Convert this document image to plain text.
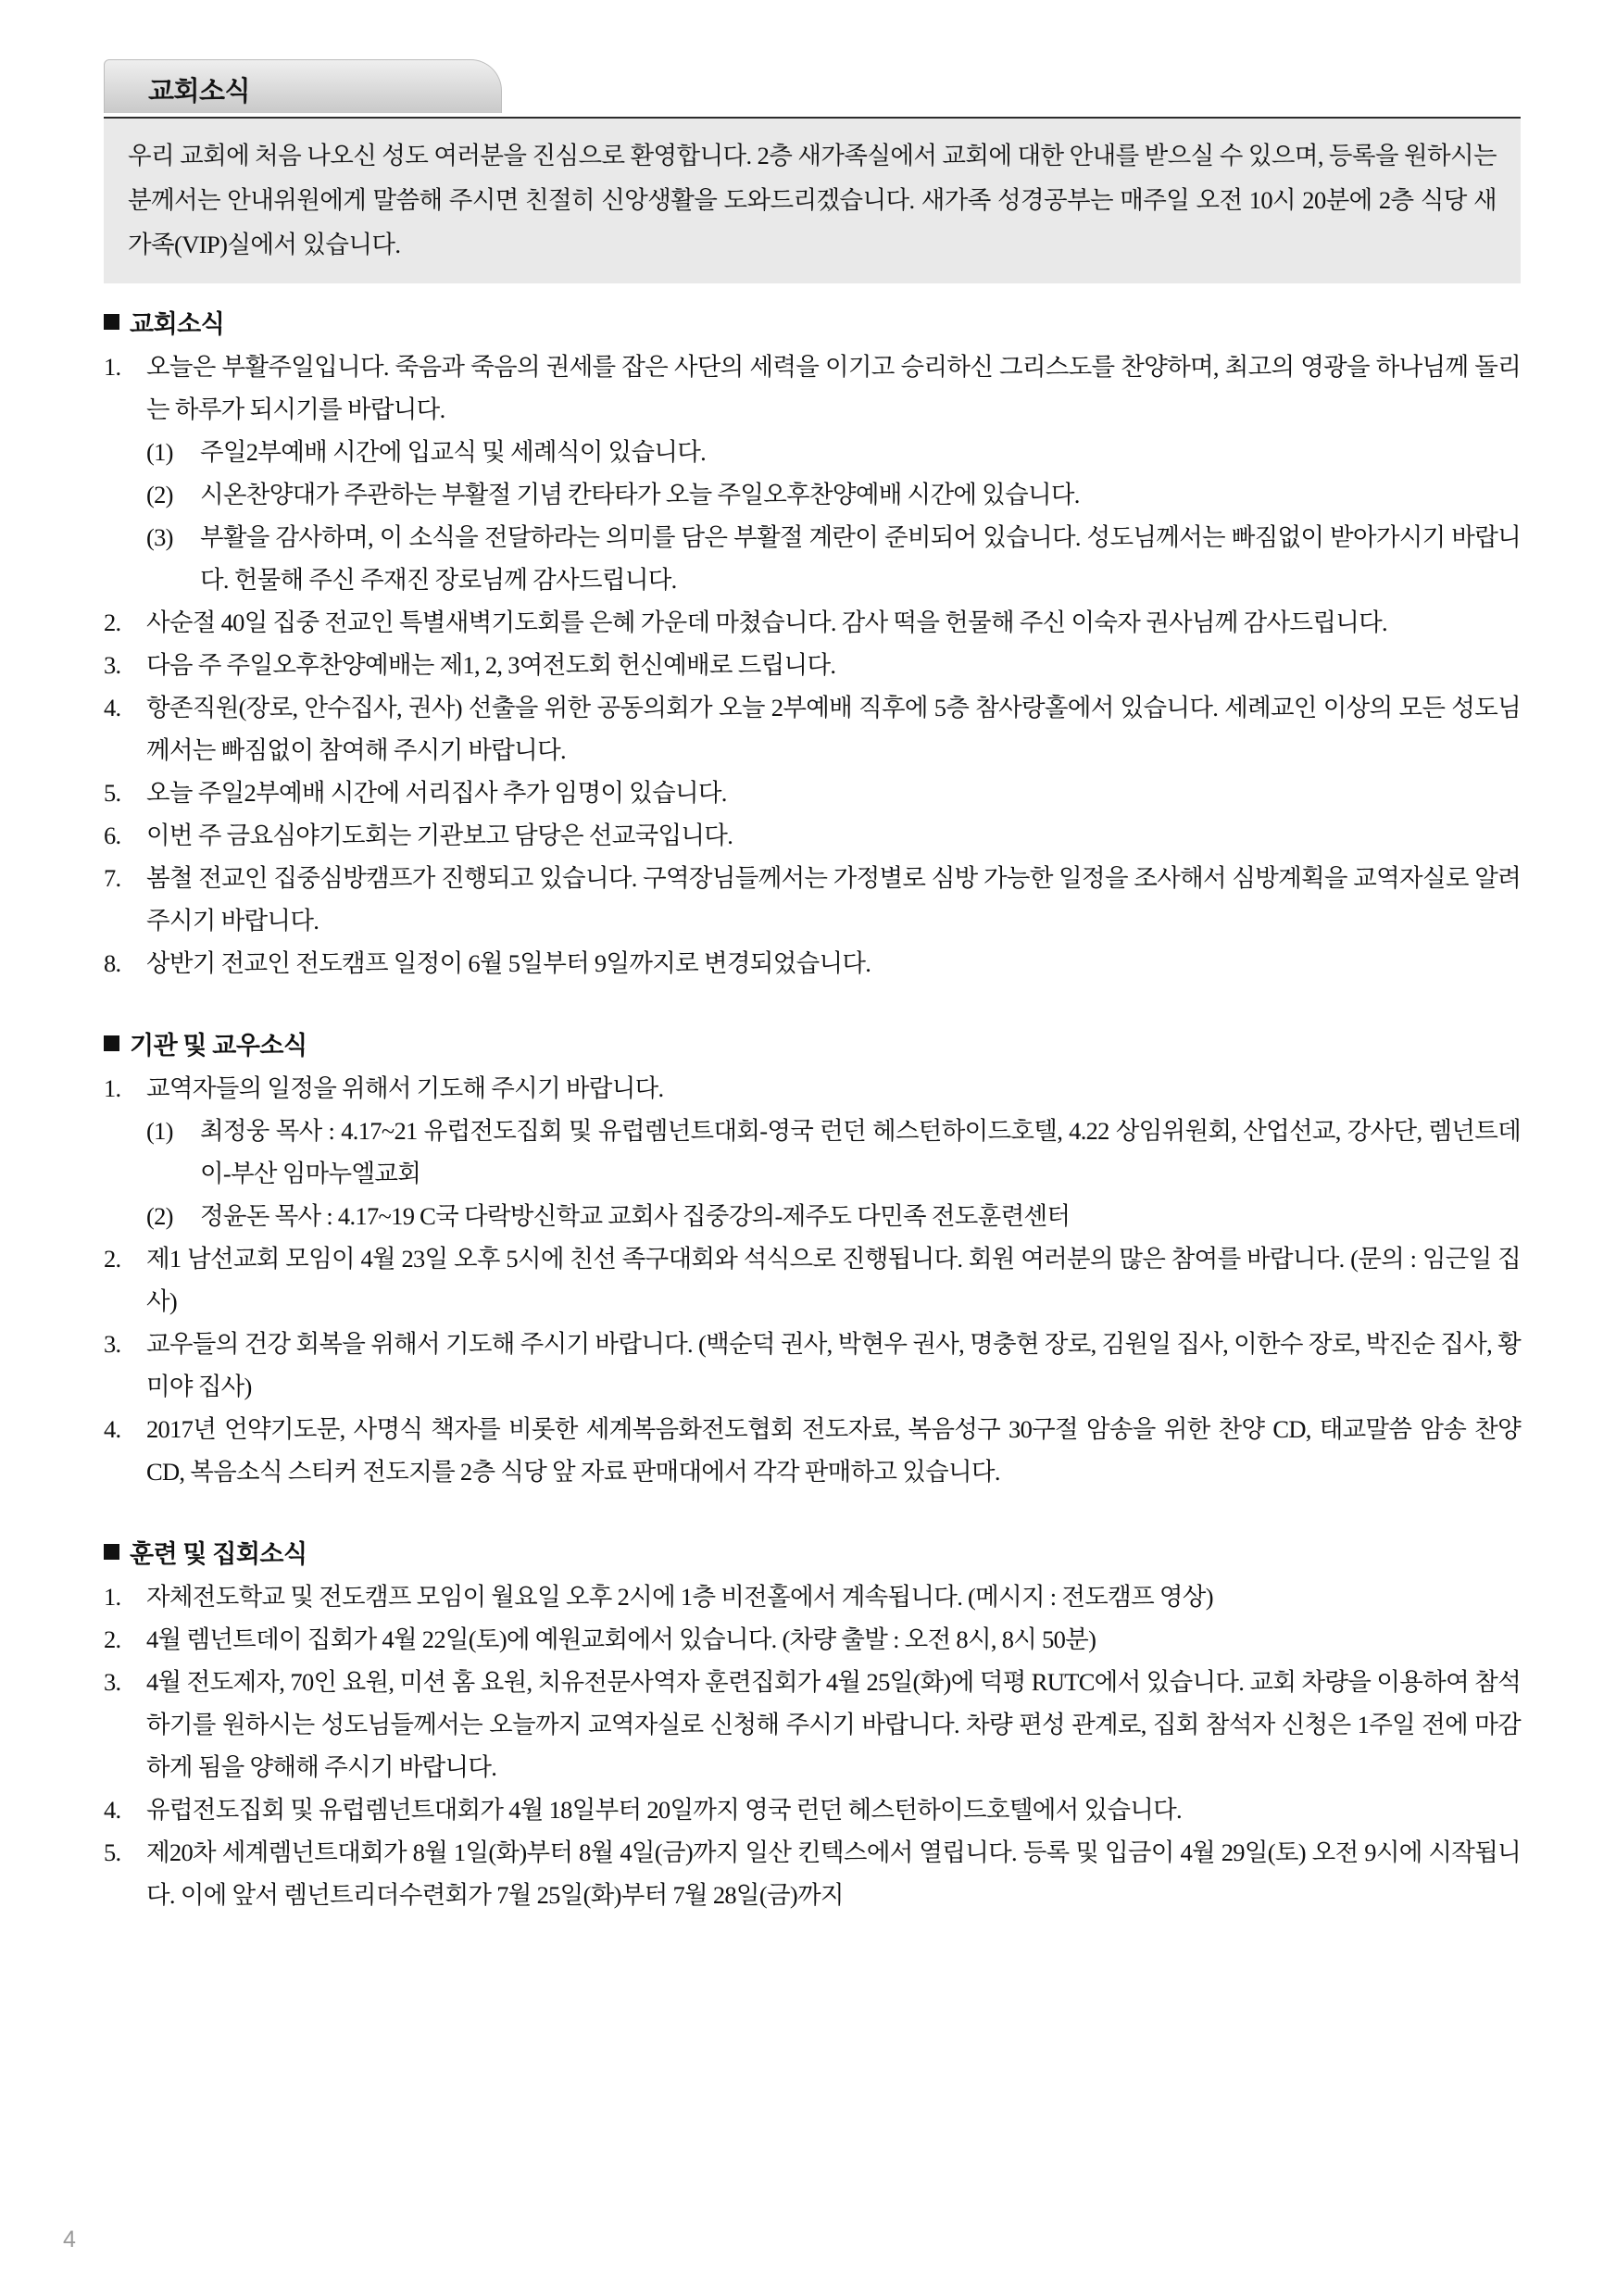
교회소식

우리 교회에 처음 나오신 성도 여러분을 진심으로 환영합니다. 2층 새가족실에서 교회에 대한 안내를 받으실 수 있으며, 등록을 원하시는 분께서는 안내위원에게 말씀해 주시면 친절히 신앙생활을 도와드리겠습니다. 새가족 성경공부는 매주일 오전 10시 20분에 2층 식당 새가족(VIP)실에서 있습니다.

교회소식
1.	오늘은 부활주일입니다. 죽음과 죽음의 권세를 잡은 사단의 세력을 이기고 승리하신 그리스도를 찬양하며, 최고의 영광을 하나님께 돌리는 하루가 되시기를 바랍니다.
(1)	주일2부예배 시간에 입교식 및 세례식이 있습니다.
(2)	시온찬양대가 주관하는 부활절 기념 칸타타가 오늘 주일오후찬양예배 시간에 있습니다.
(3)	부활을 감사하며, 이 소식을 전달하라는 의미를 담은 부활절 계란이 준비되어 있습니다. 성도님께서는 빠짐없이 받아가시기 바랍니다. 헌물해 주신 주재진 장로님께 감사드립니다.
2.	사순절 40일 집중 전교인 특별새벽기도회를 은혜 가운데 마쳤습니다. 감사 떡을 헌물해 주신 이숙자 권사님께 감사드립니다.
3.	다음 주 주일오후찬양예배는 제1, 2, 3여전도회 헌신예배로 드립니다.
4.	항존직원(장로, 안수집사, 권사) 선출을 위한 공동의회가 오늘 2부예배 직후에 5층 참사랑홀에서 있습니다. 세례교인 이상의 모든 성도님께서는 빠짐없이 참여해 주시기 바랍니다.
5.	오늘 주일2부예배 시간에 서리집사 추가 임명이 있습니다.
6.	이번 주 금요심야기도회는 기관보고 담당은 선교국입니다.
7.	봄철 전교인 집중심방캠프가 진행되고 있습니다. 구역장님들께서는 가정별로 심방 가능한 일정을 조사해서 심방계획을 교역자실로 알려주시기 바랍니다.
8.	상반기 전교인 전도캠프 일정이 6월 5일부터 9일까지로 변경되었습니다.
기관 및 교우소식
1.	교역자들의 일정을 위해서 기도해 주시기 바랍니다.
(1)	최정웅 목사 : 4.17~21 유럽전도집회 및 유럽렘넌트대회-영국 런던 헤스턴하이드호텔, 4.22 상임위원회, 산업선교, 강사단, 렘넌트데이-부산 임마누엘교회
(2)	정윤돈 목사 : 4.17~19 C국 다락방신학교 교회사 집중강의-제주도 다민족 전도훈련센터
2.	제1 남선교회 모임이 4월 23일 오후 5시에 친선 족구대회와 석식으로 진행됩니다. 회원 여러분의 많은 참여를 바랍니다. (문의 : 임근일 집사)
3.	교우들의 건강 회복을 위해서 기도해 주시기 바랍니다. (백순덕 권사, 박현우 권사, 명충현 장로, 김원일 집사, 이한수 장로, 박진순 집사, 황미야 집사)
4.	2017년 언약기도문, 사명식 책자를 비롯한 세계복음화전도협회 전도자료, 복음성구 30구절 암송을 위한 찬양 CD, 태교말씀 암송 찬양 CD, 복음소식 스티커 전도지를 2층 식당 앞 자료 판매대에서 각각 판매하고 있습니다.
훈련 및 집회소식
1.	자체전도학교 및 전도캠프 모임이 월요일 오후 2시에 1층 비전홀에서 계속됩니다. (메시지 : 전도캠프 영상)
2.	4월 렘넌트데이 집회가 4월 22일(토)에 예원교회에서 있습니다. (차량 출발 : 오전 8시, 8시 50분)
3.	4월 전도제자, 70인 요원, 미션 홈 요원, 치유전문사역자 훈련집회가 4월 25일(화)에 덕평 RUTC에서 있습니다. 교회 차량을 이용하여 참석하기를 원하시는 성도님들께서는 오늘까지 교역자실로 신청해 주시기 바랍니다. 차량 편성 관계로, 집회 참석자 신청은 1주일 전에 마감하게 됨을 양해해 주시기 바랍니다.
4.	유럽전도집회 및 유럽렘넌트대회가 4월 18일부터 20일까지 영국 런던 헤스턴하이드호텔에서 있습니다.
5.	제20차 세계렘넌트대회가 8월 1일(화)부터 8월 4일(금)까지 일산 킨텍스에서 열립니다. 등록 및 입금이 4월 29일(토) 오전 9시에 시작됩니다. 이에 앞서 렘넌트리더수련회가 7월 25일(화)부터 7월 28일(금)까지
4
